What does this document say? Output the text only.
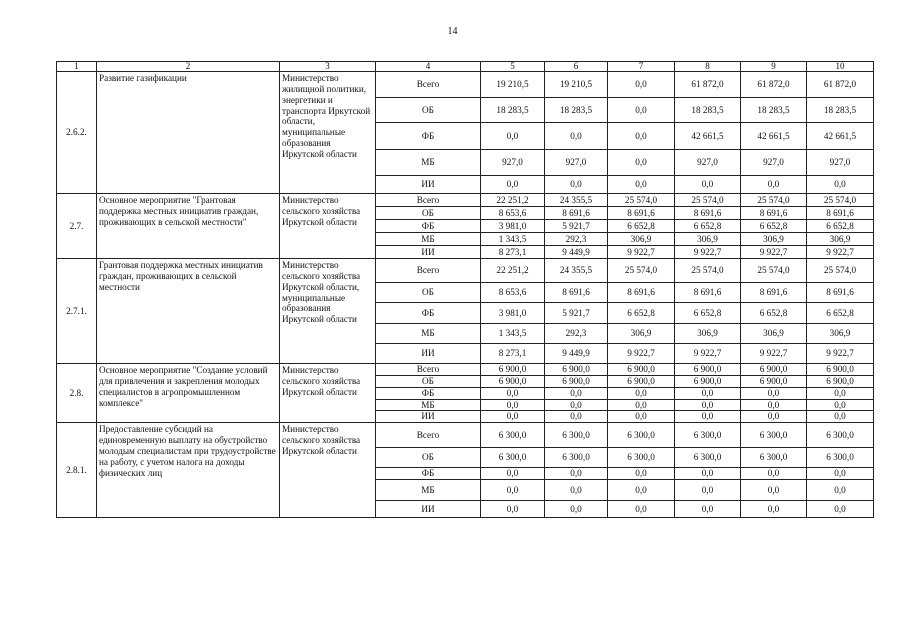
14
1	2	3	4	5	6	7	8	9	10
2.6.2.	Развитие газификации	Министерство жилищной политики, энергетики и транспорта Иркутской области, муниципальные образования Иркутской области	Всего	19 210,5	19 210,5	0,0	61 872,0	61 872,0	61 872,0
			ОБ	18 283,5	18 283,5	0,0	18 283,5	18 283,5	18 283,5
			ФБ	0,0	0,0	0,0	42 661,5	42 661,5	42 661,5
			МБ	927,0	927,0	0,0	927,0	927,0	927,0
			ИИ	0,0	0,0	0,0	0,0	0,0	0,0
2.7.	Основное мероприятие "Грантовая поддержка местных инициатив граждан, проживающих в сельской местности"	Министерство сельского хозяйства Иркутской области	Всего	22 251,2	24 355,5	25 574,0	25 574,0	25 574,0	25 574,0
			ОБ	8 653,6	8 691,6	8 691,6	8 691,6	8 691,6	8 691,6
			ФБ	3 981,0	5 921,7	6 652,8	6 652,8	6 652,8	6 652,8
			МБ	1 343,5	292,3	306,9	306,9	306,9	306,9
			ИИ	8 273,1	9 449,9	9 922,7	9 922,7	9 922,7	9 922,7
2.7.1.	Грантовая поддержка местных инициатив граждан, проживающих в сельской местности	Министерство сельского хозяйства Иркутской области, муниципальные образования Иркутской области	Всего	22 251,2	24 355,5	25 574,0	25 574,0	25 574,0	25 574,0
			ОБ	8 653,6	8 691,6	8 691,6	8 691,6	8 691,6	8 691,6
			ФБ	3 981,0	5 921,7	6 652,8	6 652,8	6 652,8	6 652,8
			МБ	1 343,5	292,3	306,9	306,9	306,9	306,9
			ИИ	8 273,1	9 449,9	9 922,7	9 922,7	9 922,7	9 922,7
2.8.	Основное мероприятие "Создание условий для привлечения и закрепления молодых специалистов в агропромышленном комплексе"	Министерство сельского хозяйства Иркутской области	Всего	6 900,0	6 900,0	6 900,0	6 900,0	6 900,0	6 900,0
			ОБ	6 900,0	6 900,0	6 900,0	6 900,0	6 900,0	6 900,0
			ФБ	0,0	0,0	0,0	0,0	0,0	0,0
			МБ	0,0	0,0	0,0	0,0	0,0	0,0
			ИИ	0,0	0,0	0,0	0,0	0,0	0,0
2.8.1.	Предоставление субсидий на единовременную выплату на обустройство молодым специалистам при трудоустройстве на работу, с учетом налога на доходы физических лиц	Министерство сельского хозяйства Иркутской области	Всего	6 300,0	6 300,0	6 300,0	6 300,0	6 300,0	6 300,0
			ОБ	6 300,0	6 300,0	6 300,0	6 300,0	6 300,0	6 300,0
			ФБ	0,0	0,0	0,0	0,0	0,0	0,0
			МБ	0,0	0,0	0,0	0,0	0,0	0,0
			ИИ	0,0	0,0	0,0	0,0	0,0	0,0
